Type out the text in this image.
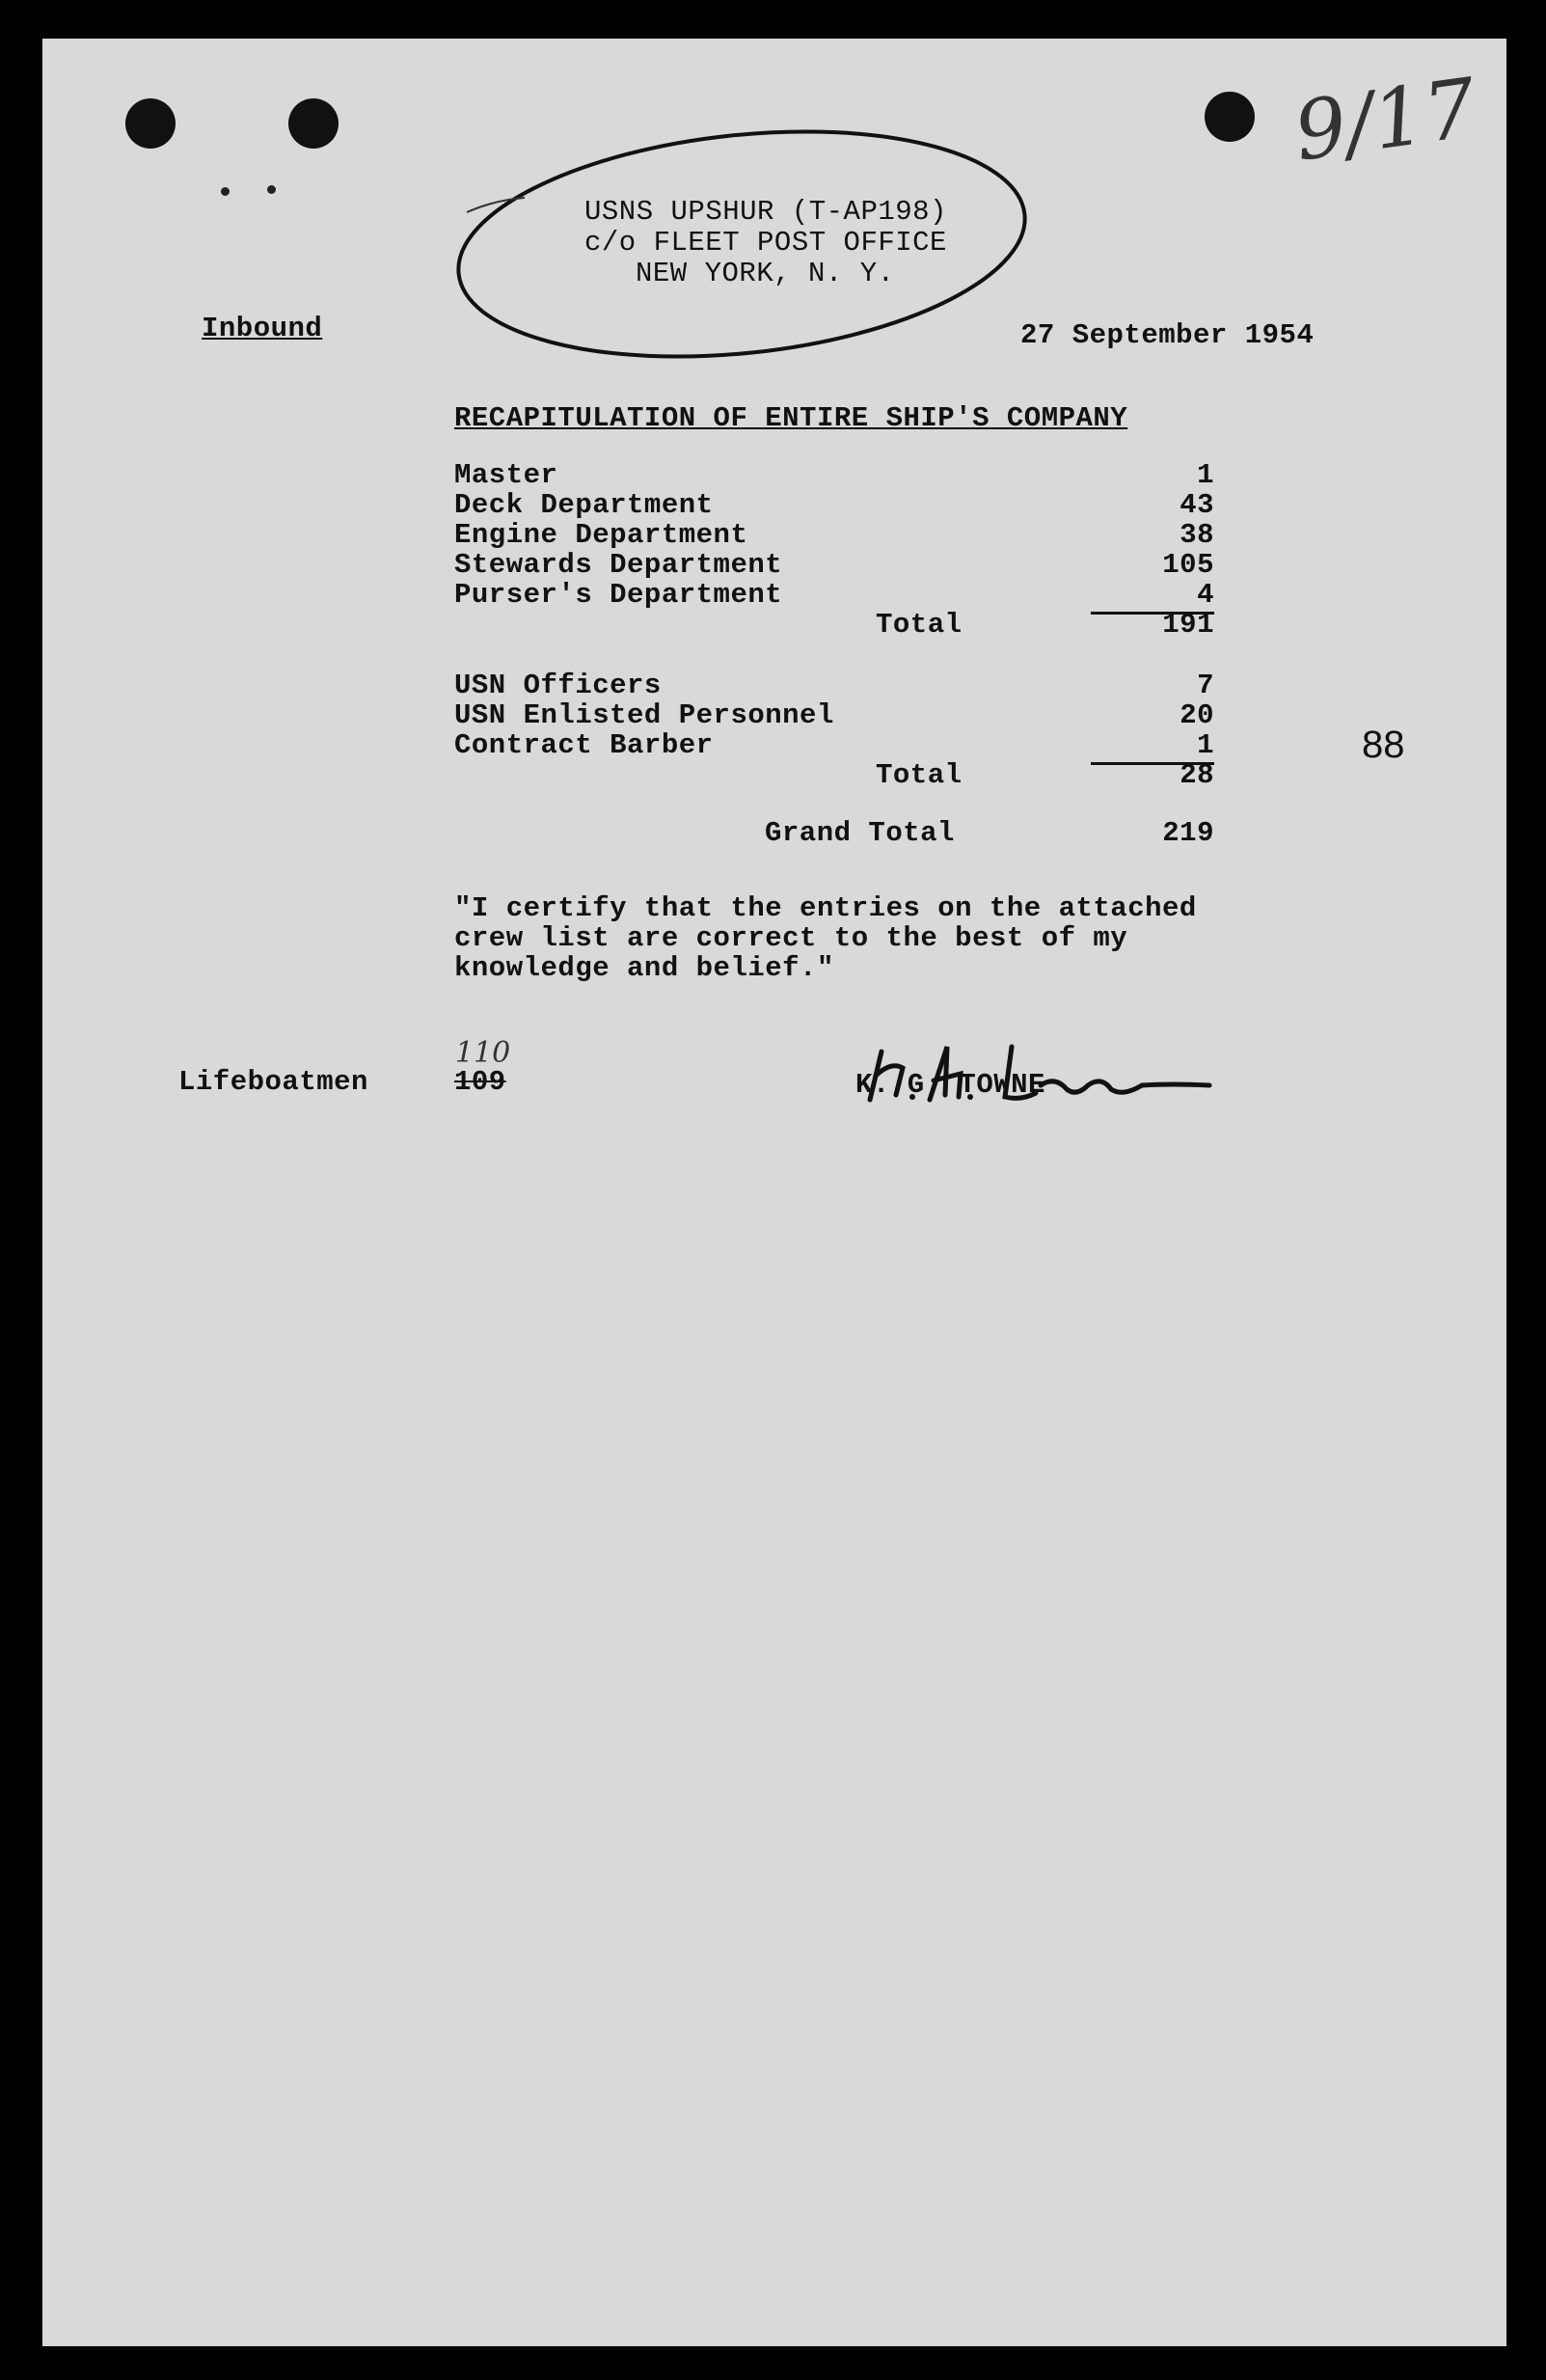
9/17
USNS UPSHUR (T-AP198)
c/o FLEET POST OFFICE
NEW YORK, N. Y.
Inbound	27 September 1954
RECAPITULATION OF ENTIRE SHIP'S COMPANY
Master	1
Deck Department	43
Engine Department	38
Stewards Department	105
Purser's Department	4
Total	191
USN Officers	7
USN Enlisted Personnel	20
Contract Barber	1
Total	28
88
Grand Total	219
"I certify that the entries on the attached
crew list are correct to the best of my
knowledge and belief."
Lifeboatmen	109
110
K. G. TOWNE
